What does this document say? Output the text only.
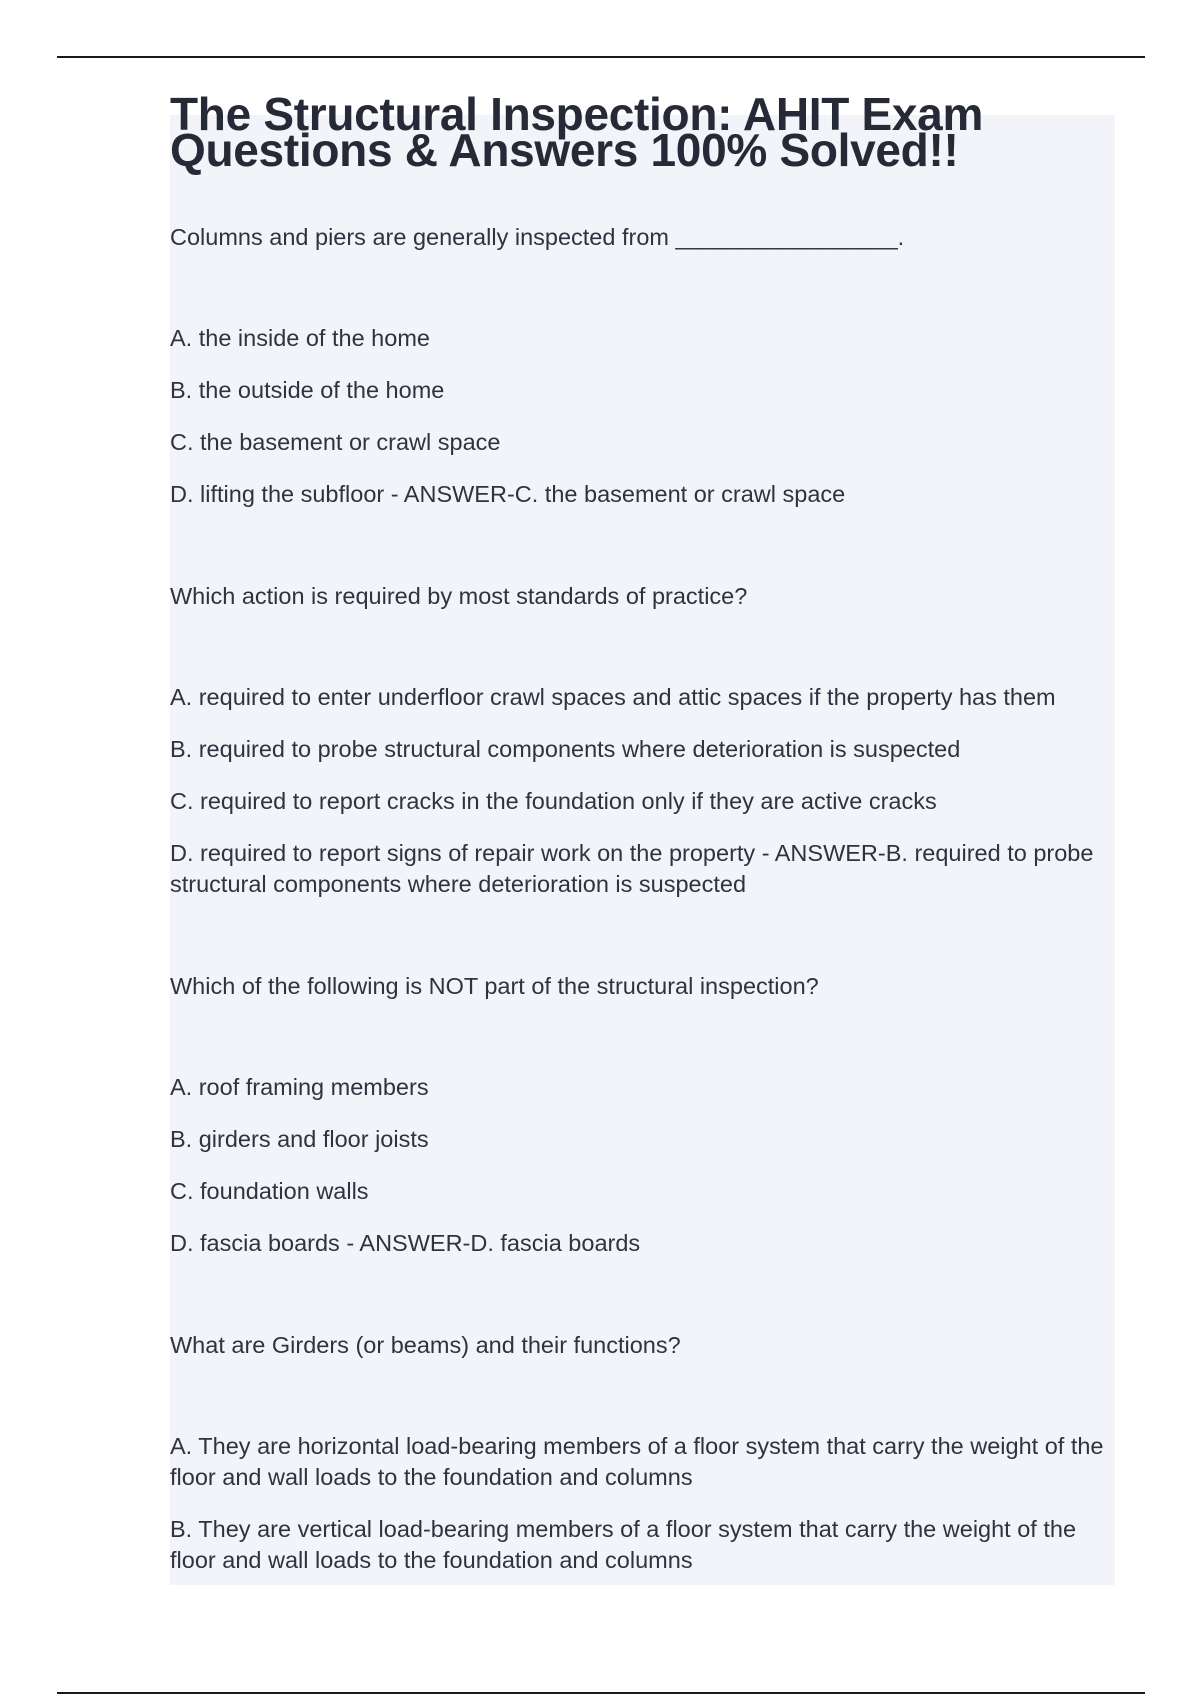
The Structural Inspection: AHIT Exam Questions & Answers 100% Solved!!

Columns and piers are generally inspected from _________________.

A. the inside of the home

B. the outside of the home

C. the basement or crawl space

D. lifting the subfloor - ANSWER-C. the basement or crawl space

Which action is required by most standards of practice?

A. required to enter underfloor crawl spaces and attic spaces if the property has them

B. required to probe structural components where deterioration is suspected

C. required to report cracks in the foundation only if they are active cracks

D. required to report signs of repair work on the property - ANSWER-B. required to probe structural components where deterioration is suspected

Which of the following is NOT part of the structural inspection?

A. roof framing members

B. girders and floor joists

C. foundation walls

D. fascia boards - ANSWER-D. fascia boards

What are Girders (or beams) and their functions?

A. They are horizontal load-bearing members of a floor system that carry the weight of the floor and wall loads to the foundation and columns

B. They are vertical load-bearing members of a floor system that carry the weight of the floor and wall loads to the foundation and columns
